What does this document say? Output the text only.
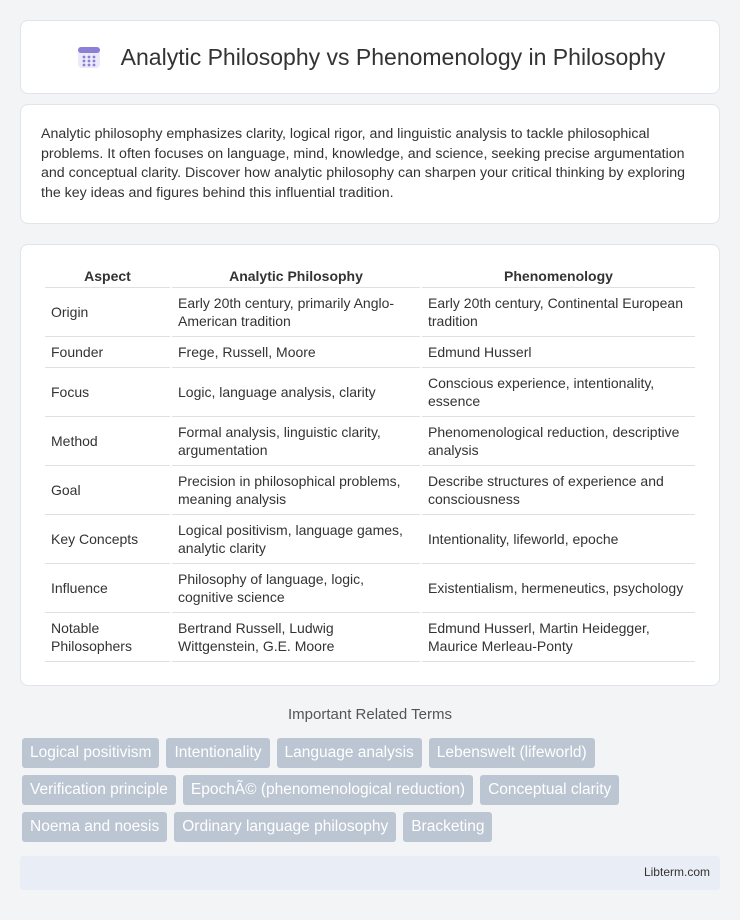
Analytic Philosophy vs Phenomenology in Philosophy

Analytic philosophy emphasizes clarity, logical rigor, and linguistic analysis to tackle philosophical problems. It often focuses on language, mind, knowledge, and science, seeking precise argumentation and conceptual clarity. Discover how analytic philosophy can sharpen your critical thinking by exploring the key ideas and figures behind this influential tradition.

Aspect	Analytic Philosophy	Phenomenology
Origin	Early 20th century, primarily Anglo-American tradition	Early 20th century, Continental European tradition
Founder	Frege, Russell, Moore	Edmund Husserl
Focus	Logic, language analysis, clarity	Conscious experience, intentionality, essence
Method	Formal analysis, linguistic clarity, argumentation	Phenomenological reduction, descriptive analysis
Goal	Precision in philosophical problems, meaning analysis	Describe structures of experience and consciousness
Key Concepts	Logical positivism, language games, analytic clarity	Intentionality, lifeworld, epoche
Influence	Philosophy of language, logic, cognitive science	Existentialism, hermeneutics, psychology
Notable Philosophers	Bertrand Russell, Ludwig Wittgenstein, G.E. Moore	Edmund Husserl, Martin Heidegger, Maurice Merleau-Ponty
Important Related Terms
Logical positivism	Intentionality	Language analysis	Lebenswelt (lifeworld)
Verification principle	EpochÃ© (phenomenological reduction)	Conceptual clarity
Noema and noesis	Ordinary language philosophy	Bracketing
Libterm.com
